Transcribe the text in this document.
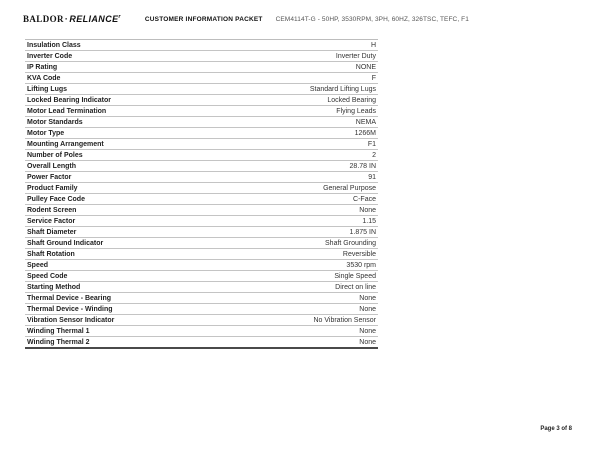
$BALDOR\cdot RELIANCE^r$	CUSTOMER INFORMATION PACKET CEM4114T-G - 50HP, 3530RPM, 3PH, 60HZ, 326TSC, TEFC, F1
Insulation Class	H
Inverter Code	Inverter Duty
IP Rating	NONE
KVA Code	F
Lifting Lugs	Standard Lifting Lugs
Locked Bearing Indicator	Locked Bearing
Motor Lead Termination	Flying Leads
Motor Standards	NEMA
Motor Type	1266M
Mounting Arrangement	F1
Number of Poles	2
Overall Length	28.78 IN
Power Factor	91
Product Family	General Purpose
Pulley Face Code	C-Face
Rodent Screen	None
Service Factor	1.15
Shaft Diameter	1.875 IN
Shaft Ground Indicator	Shaft Grounding
Shaft Rotation	Reversible
Speed	3530 rpm
Speed Code	Single Speed
Starting Method	Direct on line
Thermal Device - Bearing	None
Thermal Device - Winding	None
Vibration Sensor Indicator	No Vibration Sensor
Winding Thermal 1	None
Winding Thermal 2	None
Page 3 of 8
